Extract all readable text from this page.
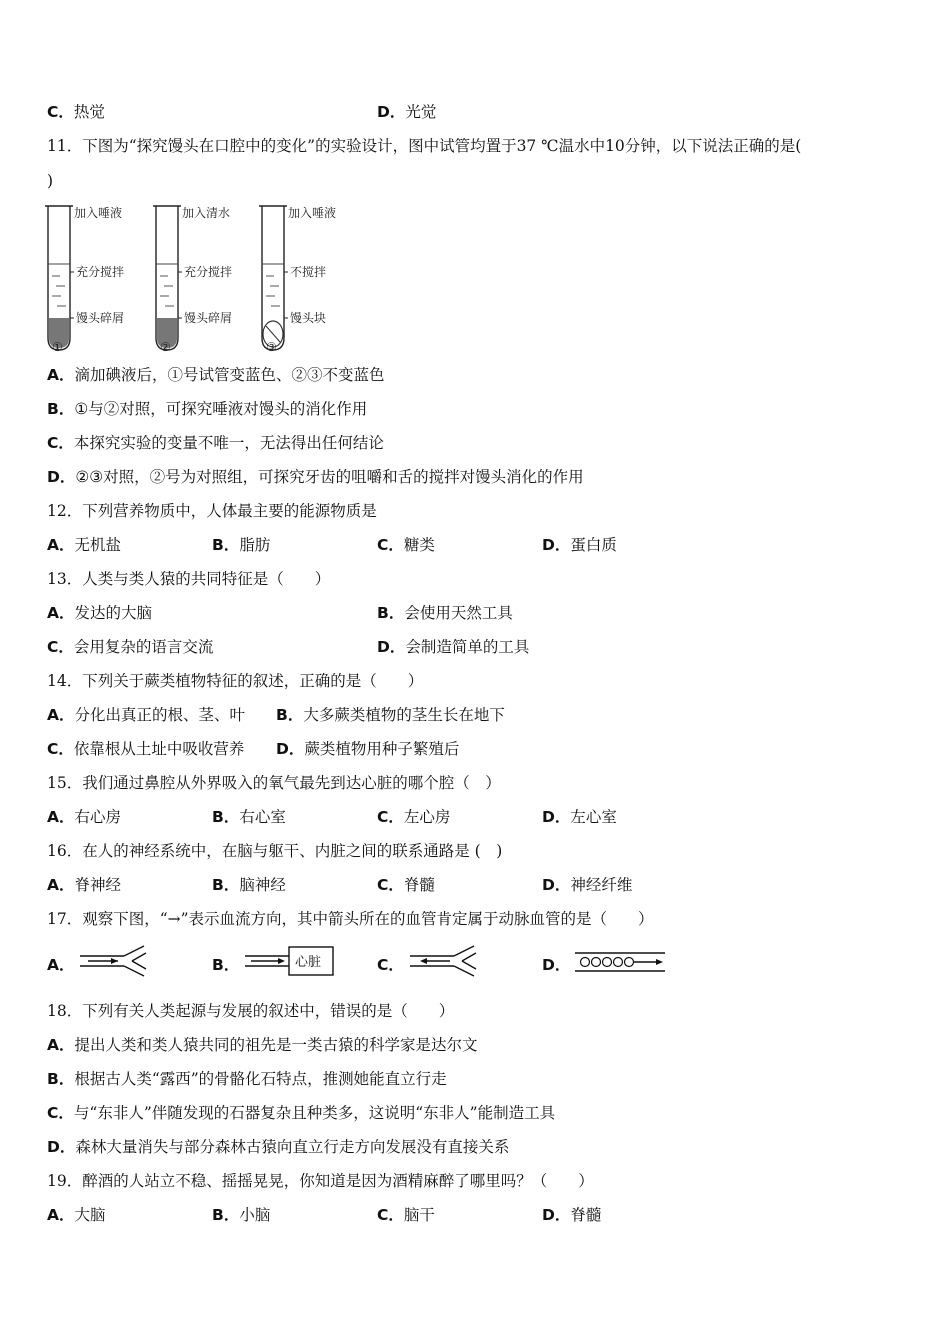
C．热觉	D．光觉
11．下图为“探究馒头在口腔中的变化”的实验设计，图中试管均置于37 ℃温水中10分钟，以下说法正确的是(
)
加入唾液
充分搅拌
馒头碎屑
①
加入清水
充分搅拌
馒头碎屑
②
加入唾液
不搅拌
馒头块
③
A．滴加碘液后，①号试管变蓝色、②③不变蓝色
B．①与②对照，可探究唾液对馒头的消化作用
C．本探究实验的变量不唯一，无法得出任何结论
D．②③对照，②号为对照组，可探究牙齿的咀嚼和舌的搅拌对馒头消化的作用
12．下列营养物质中，人体最主要的能源物质是
A．无机盐	B．脂肪	C．糖类	D．蛋白质
13．人类与类人猿的共同特征是（　　）
A．发达的大脑	B．会使用天然工具
C．会用复杂的语言交流	D．会制造简单的工具
14．下列关于蕨类植物特征的叙述，正确的是（　　）
A．分化出真正的根、茎、叶 B．大多蕨类植物的茎生长在地下
C．依靠根从土址中吸收营养 D．蕨类植物用种子繁殖后
15．我们通过鼻腔从外界吸入的氧气最先到达心脏的哪个腔（　）
A．右心房	B．右心室	C．左心房	D．左心室
16．在人的神经系统中，在脑与躯干、内脏之间的联系通路是 (　)
A．脊神经	B．脑神经	C．脊髓	D．神经纤维
17．观察下图，“→”表示血流方向，其中箭头所在的血管肯定属于动脉血管的是（　　）
A．	B．	心脏	C．	D．
18．下列有关人类起源与发展的叙述中，错误的是（　　）
A．提出人类和类人猿共同的祖先是一类古猿的科学家是达尔文
B．根据古人类“露西”的骨骼化石特点，推测她能直立行走
C．与“东非人”伴随发现的石器复杂且种类多，这说明“东非人”能制造工具
D．森林大量消失与部分森林古猿向直立行走方向发展没有直接关系
19．醉酒的人站立不稳、摇摇晃晃，你知道是因为酒精麻醉了哪里吗？（　　）
A．大脑	B．小脑	C．脑干	D．脊髓
